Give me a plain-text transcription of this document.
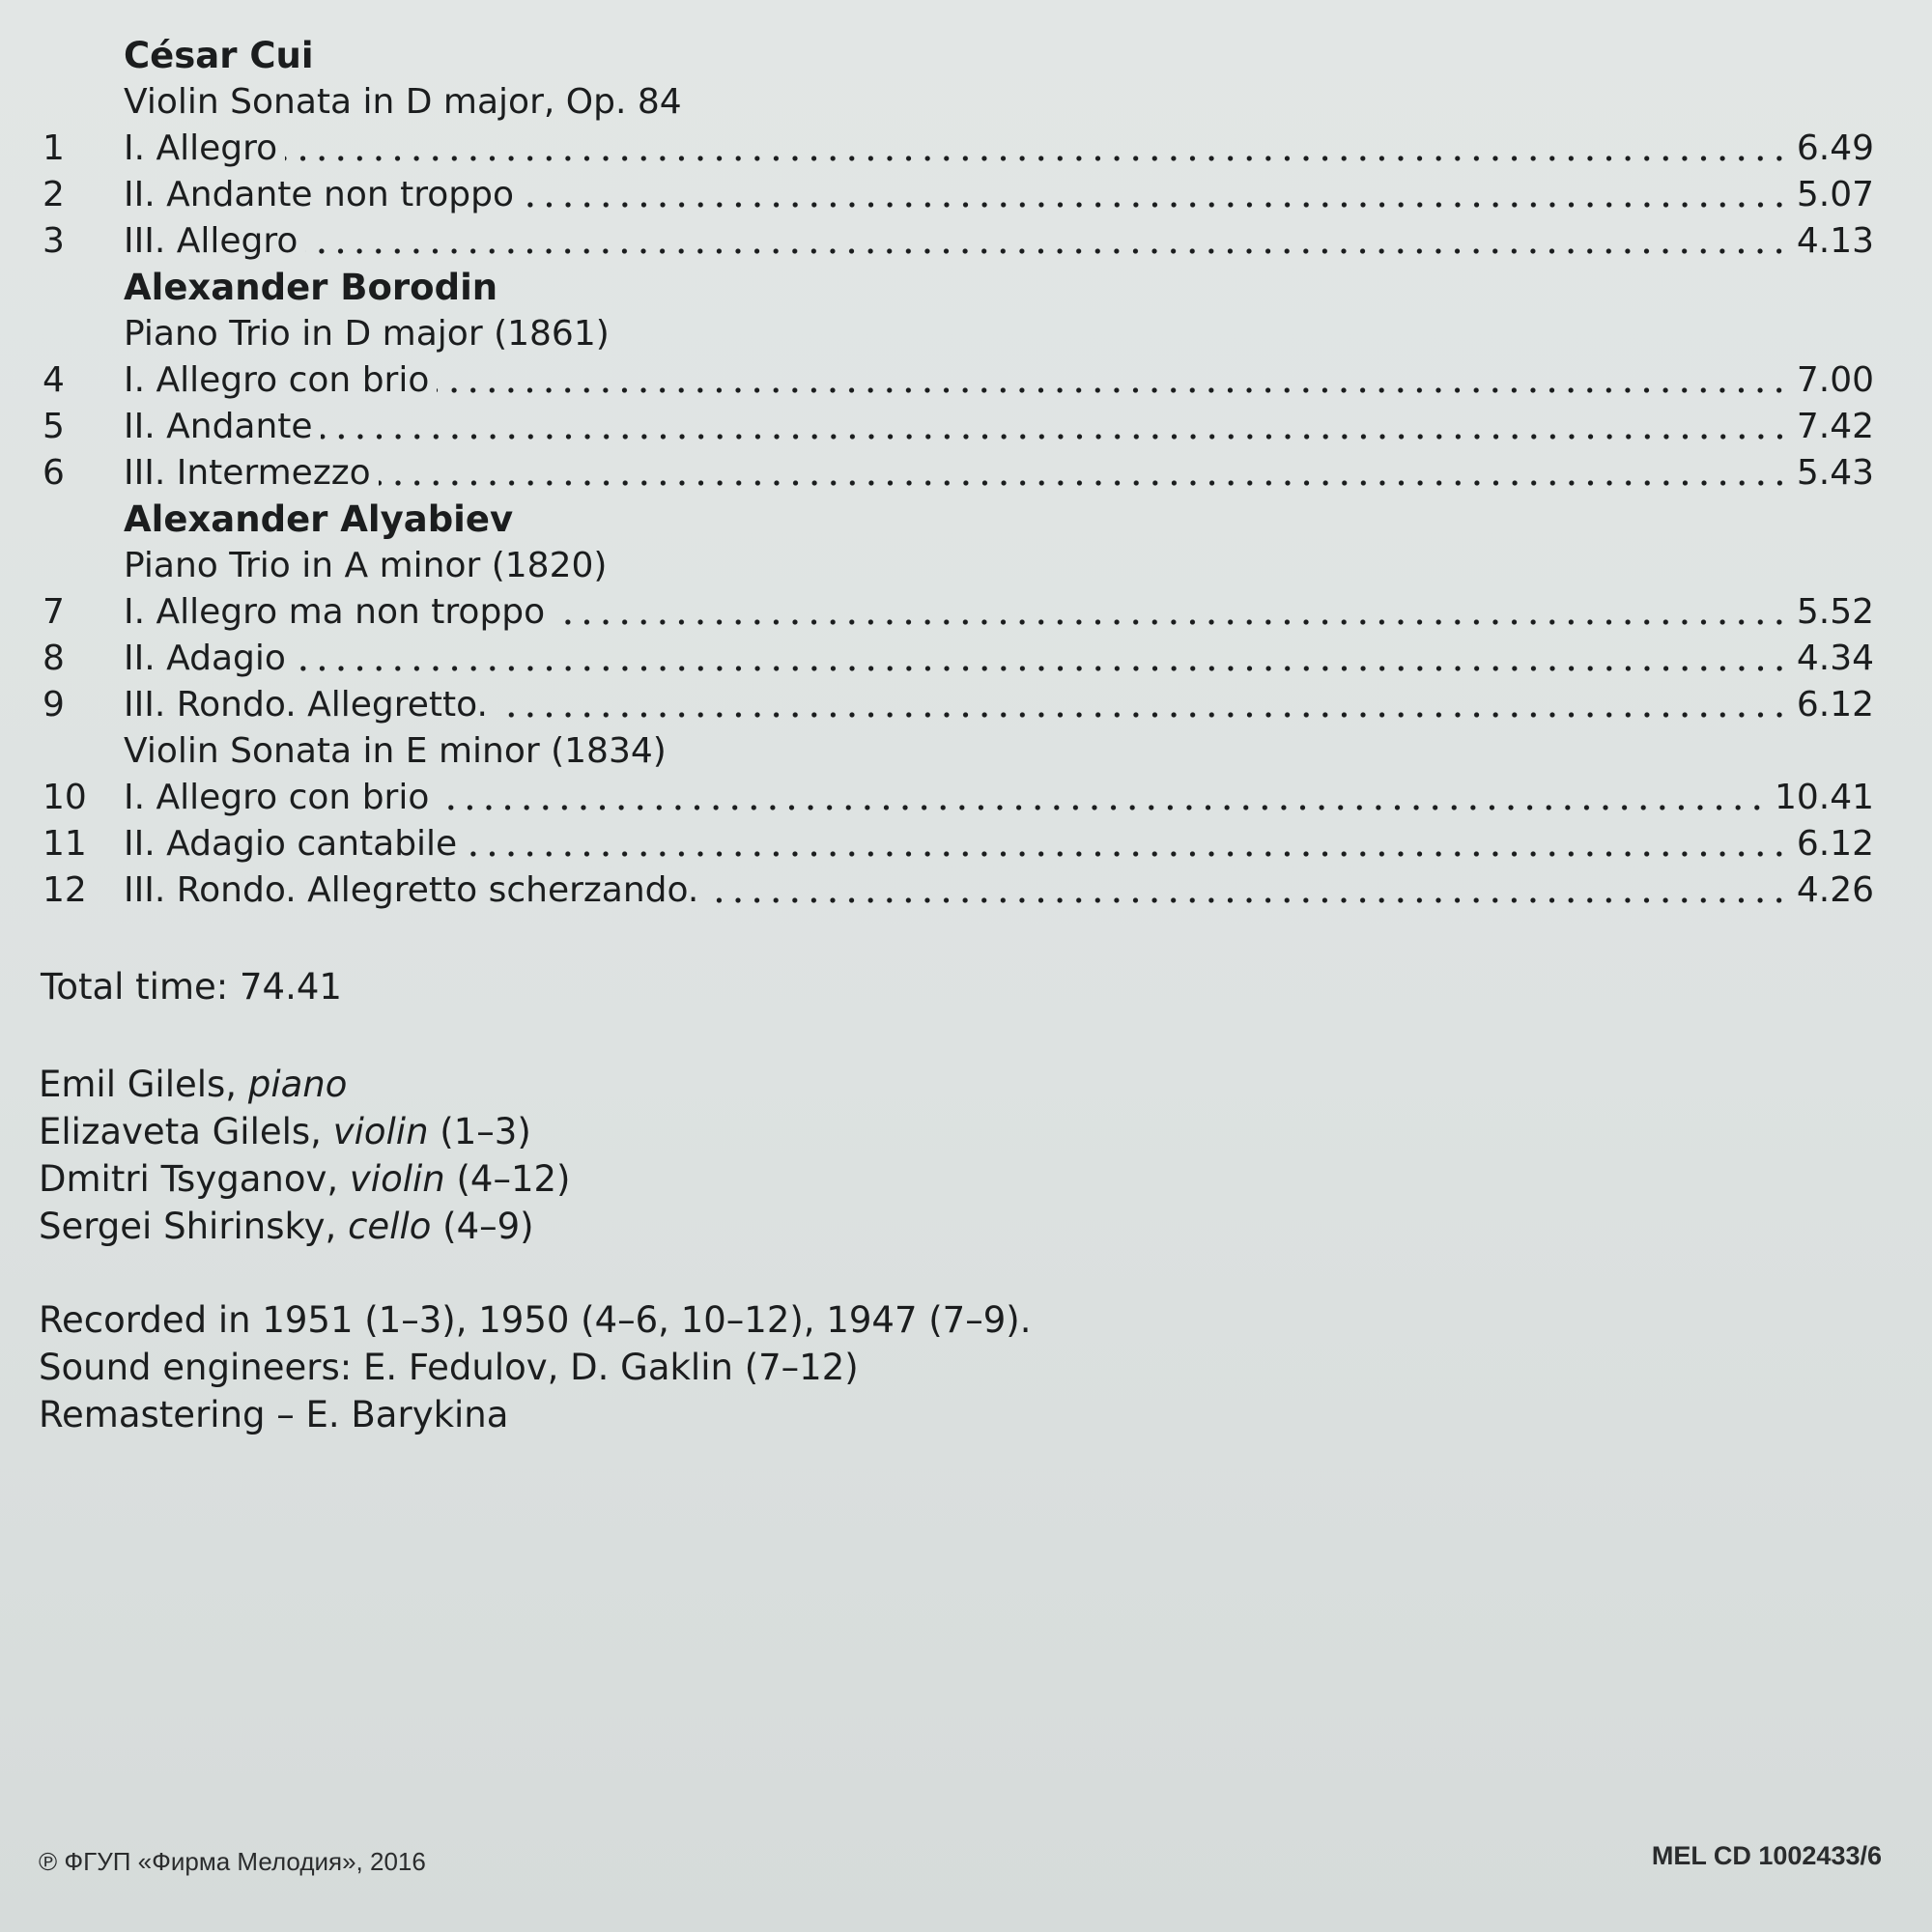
César Cui
Violin Sonata in D major, Op. 84
1	I. Allegro	6.49
2	II. Andante non troppo	5.07
3	III. Allegro	4.13
Alexander Borodin
Piano Trio in D major (1861)
4	I. Allegro con brio	7.00
5	II. Andante	7.42
6	III. Intermezzo	5.43
Alexander Alyabiev
Piano Trio in A minor (1820)
7	I. Allegro ma non troppo	5.52
8	II. Adagio	4.34
9	III. Rondo. Allegretto.	6.12
Violin Sonata in E minor (1834)
10	I. Allegro con brio	10.41
11	II. Adagio cantabile	6.12
12	III. Rondo. Allegretto scherzando.	4.26
Total time: 74.41
Emil Gilels, piano
Elizaveta Gilels, violin (1–3)
Dmitri Tsyganov, violin (4–12)
Sergei Shirinsky, cello (4–9)
Recorded in 1951 (1–3), 1950 (4–6, 10–12), 1947 (7–9).
Sound engineers: E. Fedulov, D. Gaklin (7–12)
Remastering – E. Barykina
℗ ФГУП «Фирма Мелодия», 2016	MEL CD 1002433/6
